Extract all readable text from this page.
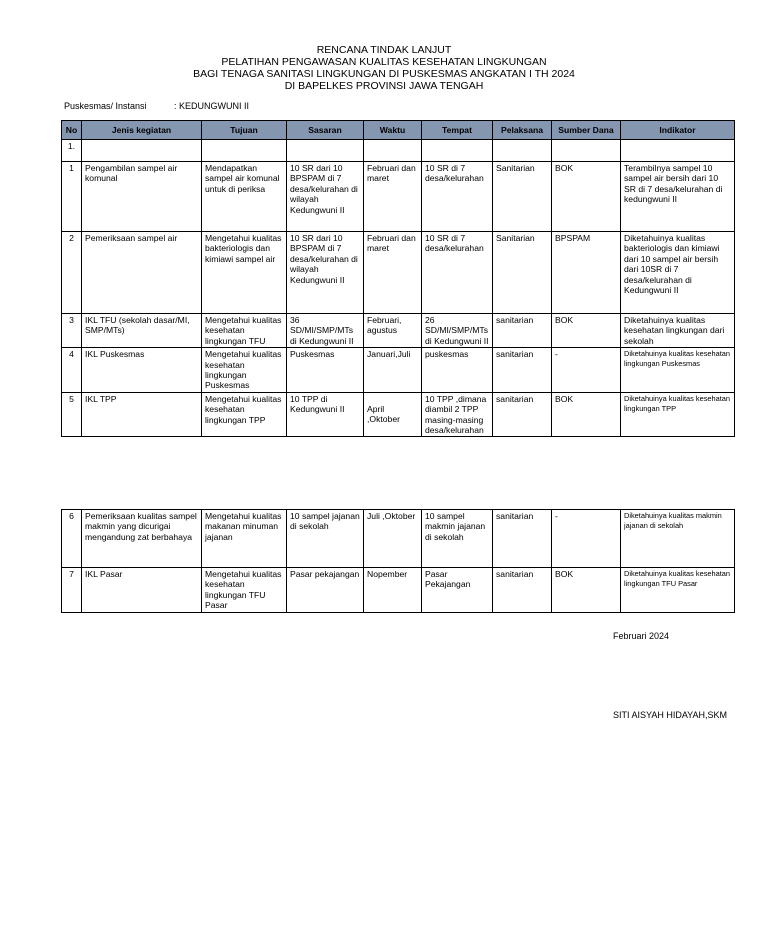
RENCANA TINDAK LANJUT
PELATIHAN PENGAWASAN KUALITAS KESEHATAN LINGKUNGAN
BAGI TENAGA SANITASI LINGKUNGAN DI PUSKESMAS ANGKATAN I TH 2024
DI BAPELKES PROVINSI JAWA TENGAH
Puskesmas/ Instansi	: KEDUNGWUNI II
No	Jenis kegiatan	Tujuan	Sasaran	Waktu	Tempat	Pelaksana	Sumber Dana	Indikator
1.								
1	Pengambilan sampel air komunal	Mendapatkan sampel air komunal untuk di periksa	10 SR dari 10 BPSPAM di 7 desa/kelurahan di wilayah Kedungwuni II	Februari dan maret	10 SR di 7 desa/kelurahan	Sanitarian	BOK	Terambilnya sampel 10 sampel air bersih dari 10 SR di 7 desa/kelurahan di kedungwuni II
2	Pemeriksaan sampel air	Mengetahui kualitas bakteriologis dan kimiawi sampel air	10 SR dari 10 BPSPAM di 7 desa/kelurahan di wilayah Kedungwuni II	Februari dan maret	10 SR di 7 desa/kelurahan	Sanitarian	BPSPAM	Diketahuinya kualitas bakteriologis dan kimiawi dari 10 sampel air bersih dari 10SR di 7 desa/kelurahan di Kedungwuni II
3	IKL TFU (sekolah dasar/MI, SMP/MTs)	Mengetahui kualitas kesehatan lingkungan TFU	36 SD/MI/SMP/MTs di Kedungwuni II	Februari, agustus	26 SD/MI/SMP/MTs di Kedungwuni II	sanitarian	BOK	Diketahuinya kualitas kesehatan lingkungan dari sekolah
4	IKL Puskesmas	Mengetahui kualitas kesehatan lingkungan Puskesmas	Puskesmas	Januari,Juli	puskesmas	sanitarian	-	Diketahuinya kualitas kesehatan lingkungan Puskesmas
5	IKL TPP	Mengetahui kualitas kesehatan lingkungan TPP	10 TPP di Kedungwuni II	April ,Oktober	10 TPP ,dimana diambil 2 TPP masing-masing desa/kelurahan	sanitarian	BOK	Diketahuinya kualitas kesehatan lingkungan TPP
6	Pemeriksaan kualitas sampel makmin yang dicurigai mengandung zat berbahaya	Mengetahui kualitas makanan minuman jajanan	10 sampel jajanan di sekolah	Juli ,Oktober	10 sampel makmin jajanan di sekolah	sanitarian	-	Diketahuinya kualitas makmin jajanan di sekolah
7	IKL Pasar	Mengetahui kualitas kesehatan lingkungan TFU Pasar	Pasar pekajangan	Nopember	Pasar Pekajangan	sanitarian	BOK	Diketahuinya kualitas kesehatan lingkungan TFU Pasar
Februari 2024
SITI AISYAH HIDAYAH,SKM
